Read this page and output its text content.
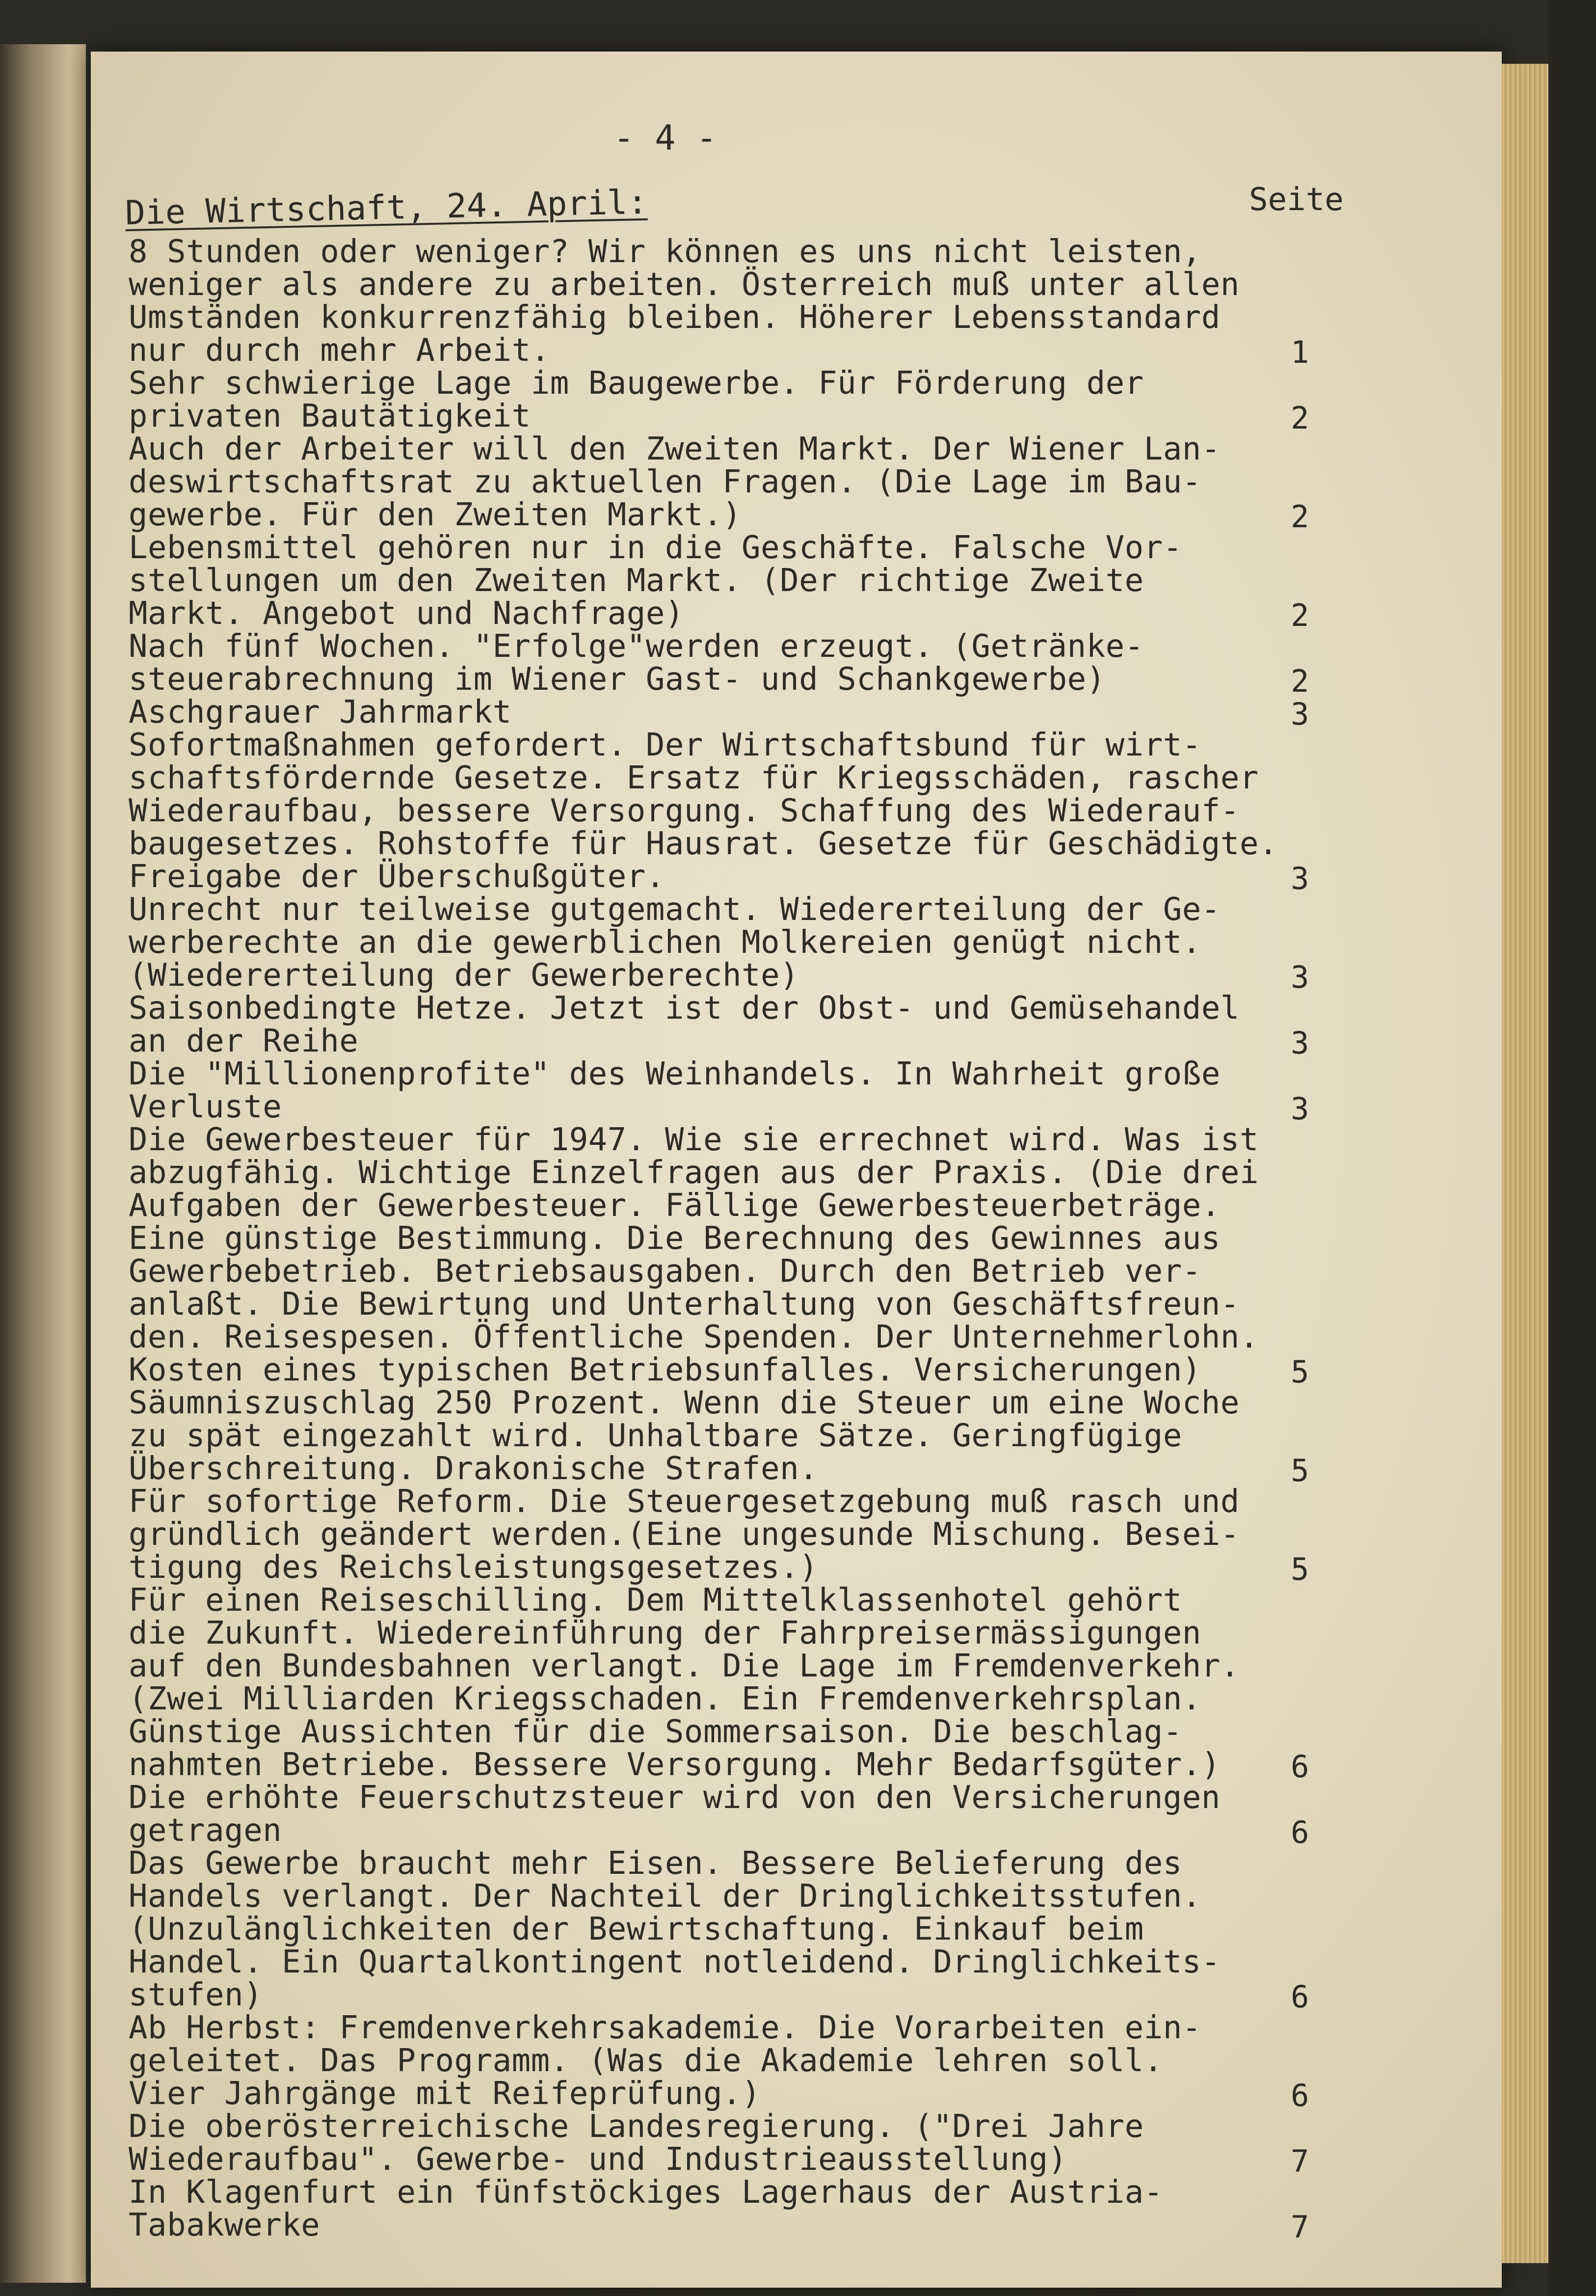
- 4 -
Die Wirtschaft, 24. April:	Seite
8 Stunden oder weniger? Wir können es uns nicht leisten,
weniger als andere zu arbeiten. Österreich muß unter allen
Umständen konkurrenzfähig bleiben. Höherer Lebensstandard
nur durch mehr Arbeit.
Sehr schwierige Lage im Baugewerbe. Für Förderung der
privaten Bautätigkeit
Auch der Arbeiter will den Zweiten Markt. Der Wiener Lan-
deswirtschaftsrat zu aktuellen Fragen. (Die Lage im Bau-
gewerbe. Für den Zweiten Markt.)
Lebensmittel gehören nur in die Geschäfte. Falsche Vor-
stellungen um den Zweiten Markt. (Der richtige Zweite
Markt. Angebot und Nachfrage)
Nach fünf Wochen. "Erfolge"werden erzeugt. (Getränke-
steuerabrechnung im Wiener Gast- und Schankgewerbe)
Aschgrauer Jahrmarkt
Sofortmaßnahmen gefordert. Der Wirtschaftsbund für wirt-
schaftsfördernde Gesetze. Ersatz für Kriegsschäden, rascher
Wiederaufbau, bessere Versorgung. Schaffung des Wiederauf-
baugesetzes. Rohstoffe für Hausrat. Gesetze für Geschädigte.
Freigabe der Überschußgüter.
Unrecht nur teilweise gutgemacht. Wiedererteilung der Ge-
werberechte an die gewerblichen Molkereien genügt nicht.
(Wiedererteilung der Gewerberechte)
Saisonbedingte Hetze. Jetzt ist der Obst- und Gemüsehandel
an der Reihe
Die "Millionenprofite" des Weinhandels. In Wahrheit große
Verluste
Die Gewerbesteuer für 1947. Wie sie errechnet wird. Was ist
abzugfähig. Wichtige Einzelfragen aus der Praxis. (Die drei
Aufgaben der Gewerbesteuer. Fällige Gewerbesteuerbeträge.
Eine günstige Bestimmung. Die Berechnung des Gewinnes aus
Gewerbebetrieb. Betriebsausgaben. Durch den Betrieb ver-
anlaßt. Die Bewirtung und Unterhaltung von Geschäftsfreun-
den. Reisespesen. Öffentliche Spenden. Der Unternehmerlohn.
Kosten eines typischen Betriebsunfalles. Versicherungen)
Säumniszuschlag 250 Prozent. Wenn die Steuer um eine Woche
zu spät eingezahlt wird. Unhaltbare Sätze. Geringfügige
Überschreitung. Drakonische Strafen.
Für sofortige Reform. Die Steuergesetzgebung muß rasch und
gründlich geändert werden.(Eine ungesunde Mischung. Besei-
tigung des Reichsleistungsgesetzes.)
Für einen Reiseschilling. Dem Mittelklassenhotel gehört
die Zukunft. Wiedereinführung der Fahrpreisermässigungen
auf den Bundesbahnen verlangt. Die Lage im Fremdenverkehr.
(Zwei Milliarden Kriegsschaden. Ein Fremdenverkehrsplan.
Günstige Aussichten für die Sommersaison. Die beschlag-
nahmten Betriebe. Bessere Versorgung. Mehr Bedarfsgüter.)
Die erhöhte Feuerschutzsteuer wird von den Versicherungen
getragen
Das Gewerbe braucht mehr Eisen. Bessere Belieferung des
Handels verlangt. Der Nachteil der Dringlichkeitsstufen.
(Unzulänglichkeiten der Bewirtschaftung. Einkauf beim
Handel. Ein Quartalkontingent notleidend. Dringlichkeits-
stufen)
Ab Herbst: Fremdenverkehrsakademie. Die Vorarbeiten ein-
geleitet. Das Programm. (Was die Akademie lehren soll.
Vier Jahrgänge mit Reifeprüfung.)
Die oberösterreichische Landesregierung. ("Drei Jahre
Wiederaufbau". Gewerbe- und Industrieausstellung)
In Klagenfurt ein fünfstöckiges Lagerhaus der Austria-
Tabakwerke
1
2
2
2
2
3
3
3
3
3
5
5
5
6
6
6
6
7
7
